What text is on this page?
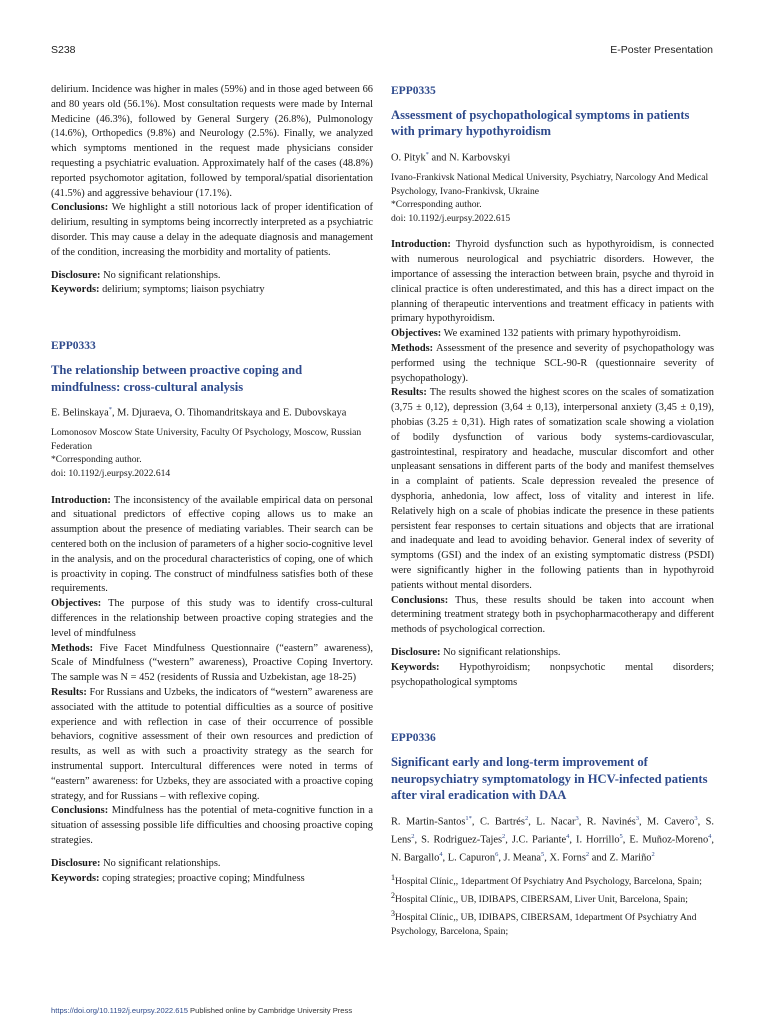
S238	E-Poster Presentation

delirium. Incidence was higher in males (59%) and in those aged between 66 and 80 years old (56.1%). Most consultation requests were made by Internal Medicine (46.3%), followed by General Surgery (26.8%), Pulmonology (14.6%), Orthopedics (9.8%) and Neurology (2.5%). Finally, we analyzed which symptoms mentioned in the request made physicians consider requesting a psychiatric evaluation. Approximately half of the cases (48.8%) reported psychomotor agitation, followed by temporal/spatial disorientation (41.5%) and aggressive behaviour (17.1%).

Conclusions: We highlight a still notorious lack of proper identification of delirium, resulting in symptoms being incorrectly interpreted as a psychiatric disorder. This may cause a delay in the adequate diagnosis and management of the condition, increasing the morbidity and mortality of patients.

Disclosure: No significant relationships.

Keywords: delirium; symptoms; liaison psychiatry

EPP0333
The relationship between proactive coping and mindfulness: cross-cultural analysis
E. Belinskaya*, M. Djuraeva, O. Tihomandritskaya and E. Dubovskaya
Lomonosov Moscow State University, Faculty Of Psychology, Moscow, Russian Federation
*Corresponding author.
doi: 10.1192/j.eurpsy.2022.614

Introduction: The inconsistency of the available empirical data on personal and situational predictors of effective coping allows us to make an assumption about the presence of mediating variables. Their search can be centered both on the inclusion of parameters of a higher socio-cognitive level in the analysis, and on the procedural characteristics of coping, one of which is proactivity in coping. The construct of mindfulness satisfies both of these requirements.

Objectives: The purpose of this study was to identify cross-cultural differences in the relationship between proactive coping strategies and the level of mindfulness

Methods: Five Facet Mindfulness Questionnaire (“eastern” awareness), Scale of Mindfulness (“western” awareness), Proactive Coping Invertory. The sample was N = 452 (residents of Russia and Uzbekistan, age 18-25)

Results: For Russians and Uzbeks, the indicators of “western” awareness are associated with the attitude to potential difficulties as a source of positive experience and with reflection in case of their occurrence of possible behaviors, cognitive assessment of their own resources and prediction of results, as well as with such a proactivity strategy as the search for instrumental support. Intercultural differences were noted in terms of “eastern” awareness: for Uzbeks, they are associated with a proactive coping strategy, and for Russians – with reflexive coping.

Conclusions: Mindfulness has the potential of meta-cognitive function in a situation of assessing possible life difficulties and choosing proactive coping strategies.

Disclosure: No significant relationships.

Keywords: coping strategies; proactive coping; Mindfulness

EPP0335
Assessment of psychopathological symptoms in patients with primary hypothyroidism
O. Pityk* and N. Karbovskyi
Ivano-Frankivsk National Medical University, Psychiatry, Narcology And Medical Psychology, Ivano-Frankivsk, Ukraine
*Corresponding author.
doi: 10.1192/j.eurpsy.2022.615

Introduction: Thyroid dysfunction such as hypothyroidism, is connected with numerous neurological and psychiatric disorders. However, the importance of assessing the interaction between brain, psyche and thyroid in clinical practice is often underestimated, and this has a direct impact on the planning of therapeutic interventions and treatment efficacy in patients with primary hypothyroidism.

Objectives: We examined 132 patients with primary hypothyroidism.

Methods: Assessment of the presence and severity of psychopathology was performed using the technique SCL-90-R (questionnaire severity of psychopathology).

Results: The results showed the highest scores on the scales of somatization (3,75 ± 0,12), depression (3,64 ± 0,13), interpersonal anxiety (3,45 ± 0,19), phobias (3.25 ± 0,31). High rates of somatization scale showing a violation of bodily dysfunction of various body systems-cardiovascular, gastrointestinal, respiratory and headache, muscular discomfort and other unpleasant sensations in different parts of the body and manifest themselves in a complaint of patients. Scale depression revealed the presence of dysphoria, anhedonia, low affect, loss of vitality and interest in life. Relatively high on a scale of phobias indicate the presence in these patients persistent fear responses to certain situations and objects that are irrational and inadequate and lead to avoiding behavior. General index of severity of symptoms (GSI) and the index of an existing symptomatic distress (PSDI) were significantly higher in the following patients than in hypothyroid patients without mental disorders.

Conclusions: Thus, these results should be taken into account when determining treatment strategy both in psychopharmacotherapy and different methods of psychological correction.

Disclosure: No significant relationships.

Keywords: Hypothyroidism; nonpsychotic mental disorders; psychopathological symptoms

EPP0336
Significant early and long-term improvement of neuropsychiatry symptomatology in HCV-infected patients after viral eradication with DAA
R. Martin-Santos$^{1*}$, C. Bartrés$^2$, L. Nacar$^3$, R. Navinés$^3$, M. Cavero$^3$, S. Lens$^2$, S. Rodriguez-Tajes$^2$, J.C. Pariante$^4$, I. Horrillo$^5$, E. Muñoz-Moreno$^4$, N. Bargallo$^4$, L. Capuron$^6$, J. Meana$^5$, X. Forns$^2$ and Z. Mariño$^2$
$^1$Hospital Clínic,, 1department Of Psychiatry And Psychology, Barcelona, Spain; $^2$Hospital Clínic,, UB, IDIBAPS, CIBERSAM, Liver Unit, Barcelona, Spain; $^3$Hospital Clínic,, UB, IDIBAPS, CIBERSAM, 1department Of Psychiatry And Psychology, Barcelona, Spain;
https://doi.org/10.1192/j.eurpsy.2022.615 Published online by Cambridge University Press
